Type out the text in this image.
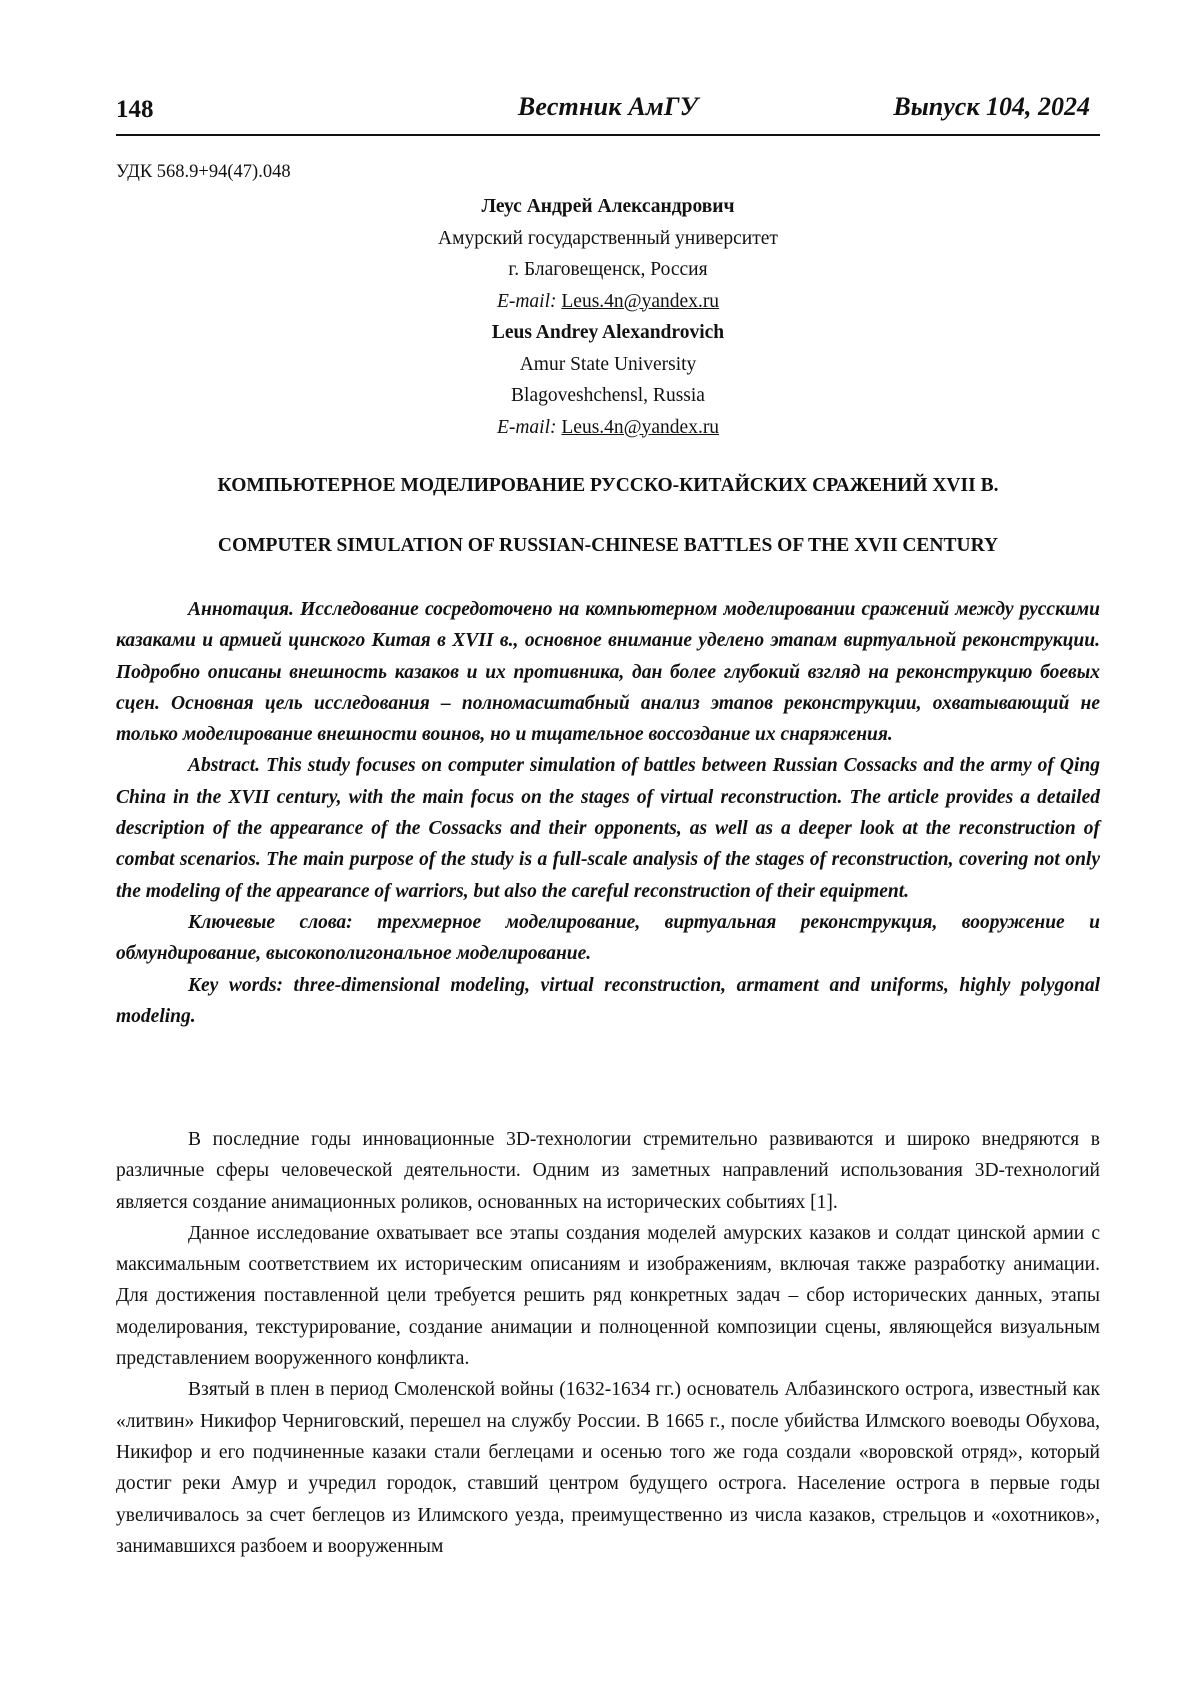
148	Вестник АмГУ	Выпуск 104, 2024
УДК 568.9+94(47).048
Леус Андрей Александрович
Амурский государственный университет
г. Благовещенск, Россия
E-mail: Leus.4n@yandex.ru
Leus Andrey Alexandrovich
Amur State University
Blagoveshchensl, Russia
E-mail: Leus.4n@yandex.ru
КОМПЬЮТЕРНОЕ МОДЕЛИРОВАНИЕ РУССКО-КИТАЙСКИХ СРАЖЕНИЙ XVII В.
COMPUTER SIMULATION OF RUSSIAN-CHINESE BATTLES OF THE XVII CENTURY

Аннотация. Исследование сосредоточено на компьютерном моделировании сражений между русскими казаками и армией цинского Китая в XVII в., основное внимание уделено этапам виртуальной реконструкции. Подробно описаны внешность казаков и их противника, дан более глубокий взгляд на реконструкцию боевых сцен. Основная цель исследования – полномасштабный анализ этапов реконструкции, охватывающий не только моделирование внешности воинов, но и тщательное воссоздание их снаряжения.

Abstract. This study focuses on computer simulation of battles between Russian Cossacks and the army of Qing China in the XVII century, with the main focus on the stages of virtual reconstruction. The article provides a detailed description of the appearance of the Cossacks and their opponents, as well as a deeper look at the reconstruction of combat scenarios. The main purpose of the study is a full-scale analysis of the stages of reconstruction, covering not only the modeling of the appearance of warriors, but also the careful reconstruction of their equipment.

Ключевые слова: трехмерное моделирование, виртуальная реконструкция, вооружение и обмундирование, высокополигональное моделирование.

Key words: three-dimensional modeling, virtual reconstruction, armament and uniforms, highly polygonal modeling.

В последние годы инновационные 3D-технологии стремительно развиваются и широко внедряются в различные сферы человеческой деятельности. Одним из заметных направлений использования 3D-технологий является создание анимационных роликов, основанных на исторических событиях [1].

Данное исследование охватывает все этапы создания моделей амурских казаков и солдат цинской армии с максимальным соответствием их историческим описаниям и изображениям, включая также разработку анимации. Для достижения поставленной цели требуется решить ряд конкретных задач – сбор исторических данных, этапы моделирования, текстурирование, создание анимации и полноценной композиции сцены, являющейся визуальным представлением вооруженного конфликта.

Взятый в плен в период Смоленской войны (1632-1634 гг.) основатель Албазинского острога, известный как «литвин» Никифор Черниговский, перешел на службу России. В 1665 г., после убийства Илмского воеводы Обухова, Никифор и его подчиненные казаки стали беглецами и осенью того же года создали «воровской отряд», который достиг реки Амур и учредил городок, ставший центром будущего острога. Население острога в первые годы увеличивалось за счет беглецов из Илимского уезда, преимущественно из числа казаков, стрельцов и «охотников», занимавшихся разбоем и вооруженным
